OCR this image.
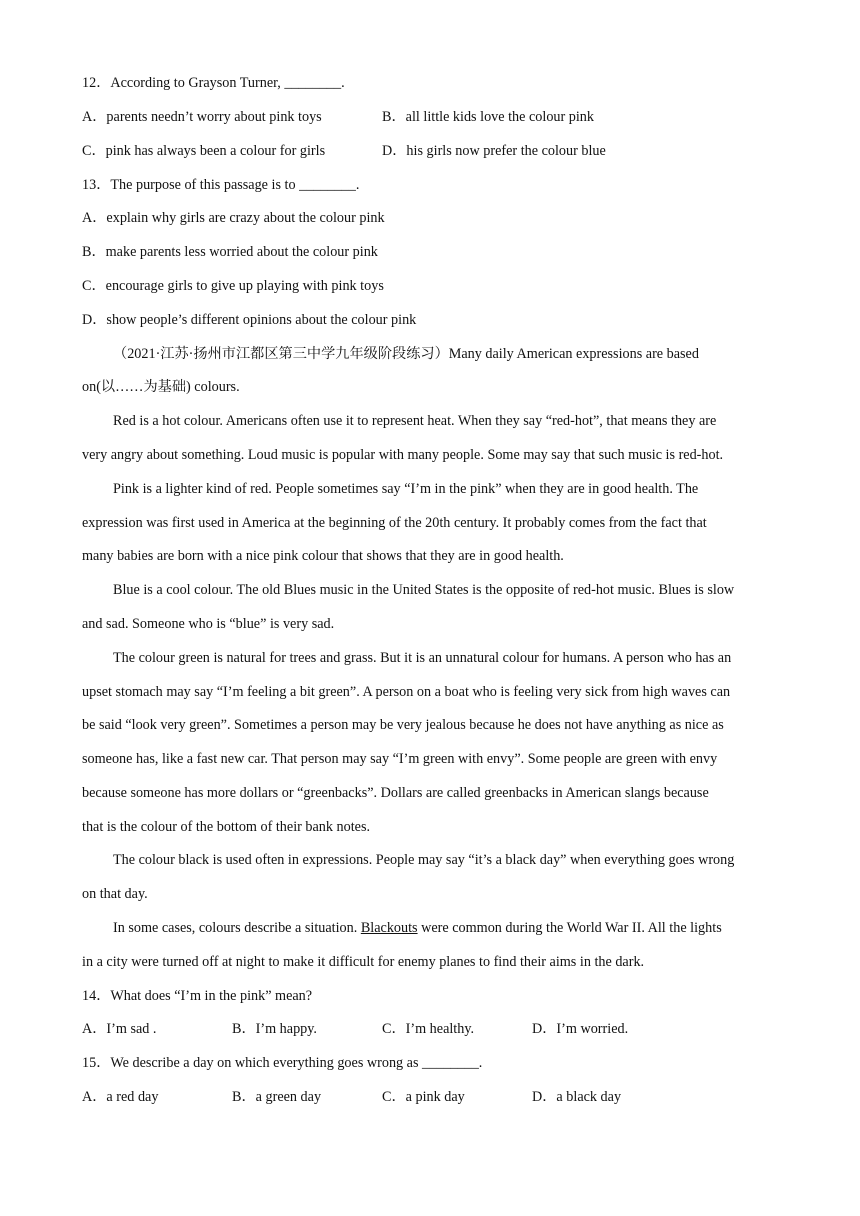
12．According to Grayson Turner, ________.
A．parents needn’t worry about pink toys	B．all little kids love the colour pink
C．pink has always been a colour for girls	D．his girls now prefer the colour blue
13．The purpose of this passage is to ________.
A．explain why girls are crazy about the colour pink
B．make parents less worried about the colour pink
C．encourage girls to give up playing with pink toys
D．show people’s different opinions about the colour pink
（2021·江苏·扬州市江都区第三中学九年级阶段练习）Many daily American expressions are based
on(以……为基础) colours.
Red is a hot colour. Americans often use it to represent heat. When they say “red-hot”, that means they are
very angry about something. Loud music is popular with many people. Some may say that such music is red-hot.
Pink is a lighter kind of red. People sometimes say “I’m in the pink” when they are in good health. The
expression was first used in America at the beginning of the 20th century. It probably comes from the fact that
many babies are born with a nice pink colour that shows that they are in good health.
Blue is a cool colour. The old Blues music in the United States is the opposite of red-hot music. Blues is slow
and sad. Someone who is “blue” is very sad.
The colour green is natural for trees and grass. But it is an unnatural colour for humans. A person who has an
upset stomach may say “I’m feeling a bit green”. A person on a boat who is feeling very sick from high waves can
be said “look very green”. Sometimes a person may be very jealous because he does not have anything as nice as
someone has, like a fast new car. That person may say “I’m green with envy”. Some people are green with envy
because someone has more dollars or “greenbacks”. Dollars are called greenbacks in American slangs because
that is the colour of the bottom of their bank notes.
The colour black is used often in expressions. People may say “it’s a black day” when everything goes wrong
on that day.
In some cases, colours describe a situation. Blackouts were common during the World War II. All the lights
in a city were turned off at night to make it difficult for enemy planes to find their aims in the dark.
14．What does “I’m in the pink” mean?
A．I’m sad .	B．I’m happy.	C．I’m healthy.	D．I’m worried.
15．We describe a day on which everything goes wrong as ________.
A．a red day	B．a green day	C．a pink day	D．a black day
